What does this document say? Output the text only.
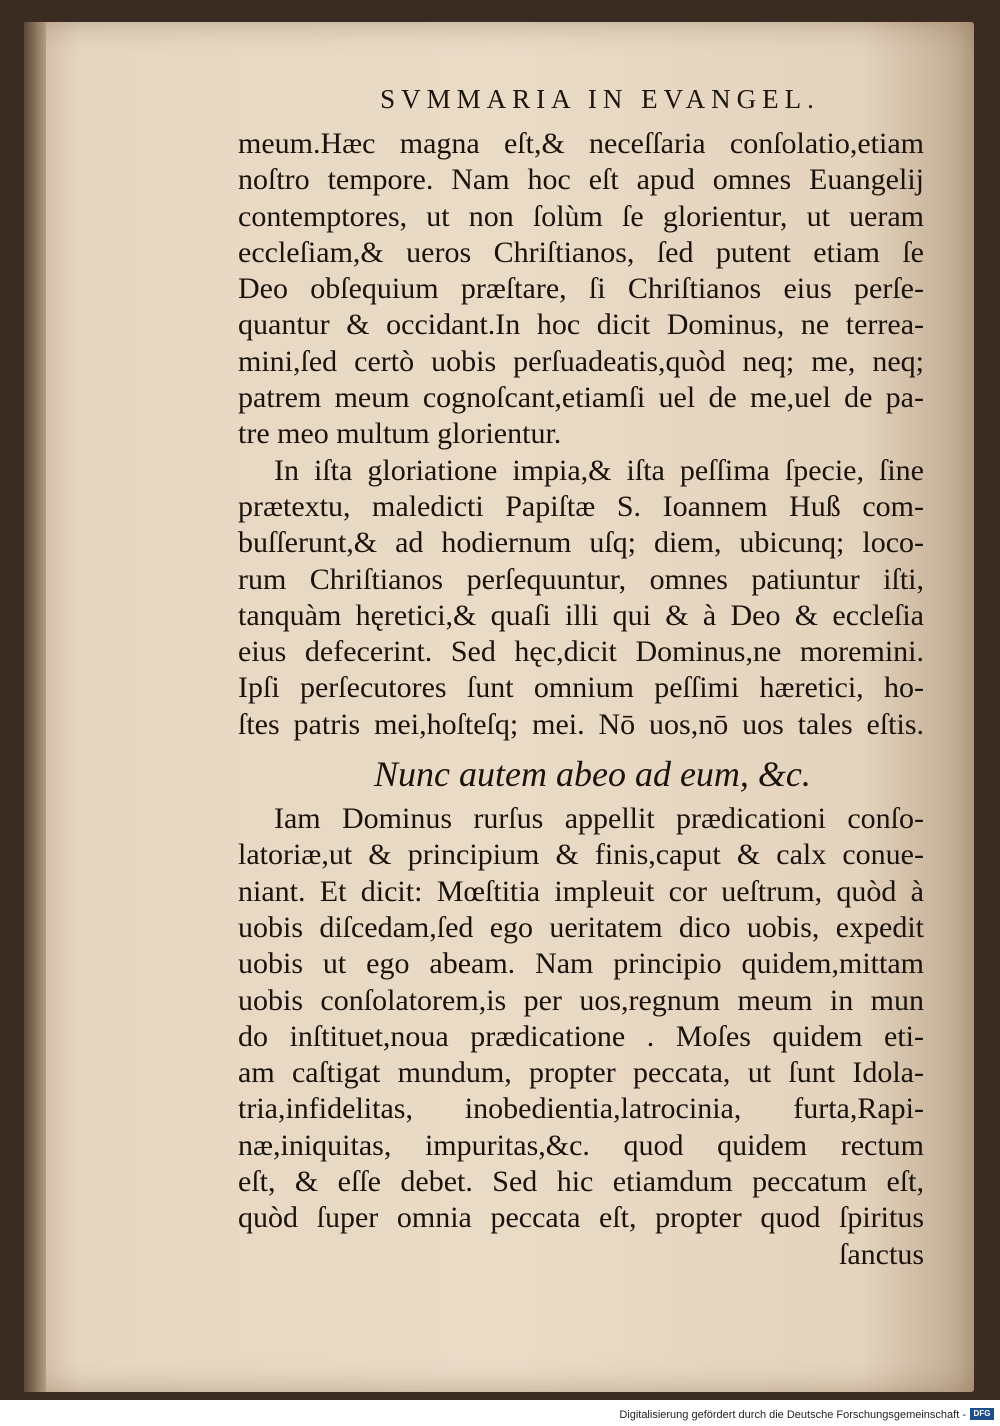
SVMMARIA IN EVANGEL.
meum.Hæc magna eſt,& neceſſaria conſolatio,etiam
noſtro tempore. Nam hoc eſt apud omnes Euangelij
contemptores, ut non ſolùm ſe glorientur, ut ueram
eccleſiam,& ueros Chriſtianos, ſed putent etiam ſe
Deo obſequium præſtare, ſi Chriſtianos eius perſe-
quantur & occidant.In hoc dicit Dominus, ne terrea-
mini,ſed certò uobis perſuadeatis,quòd neq; me, neq;
patrem meum cognoſcant,etiamſi uel de me,uel de pa-
tre meo multum glorientur.
In iſta gloriatione impia,& iſta peſſima ſpecie, ſine
prætextu, maledicti Papiſtæ S. Ioannem Huß com-
buſſerunt,& ad hodiernum uſq; diem, ubicunq; loco-
rum Chriſtianos perſequuntur, omnes patiuntur iſti,
tanquàm hęretici,& quaſi illi qui & à Deo & eccleſia
eius defecerint. Sed hęc,dicit Dominus,ne moremini.
Ipſi perſecutores ſunt omnium peſſimi hæretici, ho-
ſtes patris mei,hoſteſq; mei. Nō uos,nō uos tales eſtis.
Nunc autem abeo ad eum, &c.
Iam Dominus rurſus appellit prædicationi conſo-
latoriæ,ut & principium & finis,caput & calx conue-
niant. Et dicit: Mœſtitia impleuit cor ueſtrum, quòd à
uobis diſcedam,ſed ego ueritatem dico uobis, expedit
uobis ut ego abeam. Nam principio quidem,mittam
uobis conſolatorem,is per uos,regnum meum in mun
do inſtituet,noua prædicatione . Moſes quidem eti-
am caſtigat mundum, propter peccata, ut ſunt Idola-
tria,infidelitas, inobedientia,latrocinia, furta,Rapi-
næ,iniquitas, impuritas,&c. quod quidem rectum
eſt, & eſſe debet. Sed hic etiamdum peccatum eſt,
quòd ſuper omnia peccata eſt, propter quod ſpiritus
ſanctus
Digitalisierung gefördert durch die Deutsche Forschungsgemeinschaft - DFG
